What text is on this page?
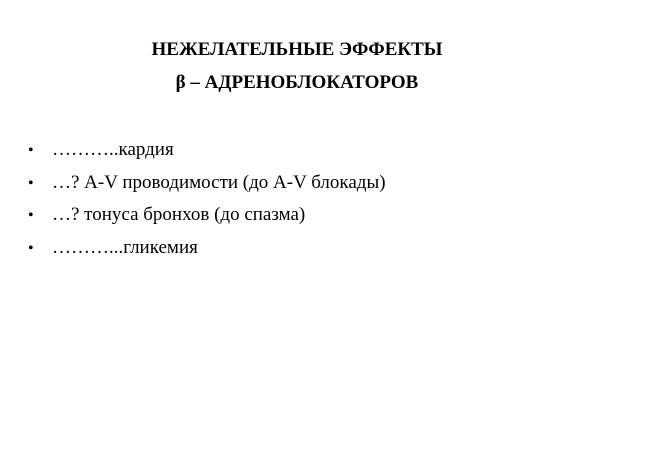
НЕЖЕЛАТЕЛЬНЫЕ ЭФФЕКТЫ
β – АДРЕНОБЛОКАТОРОВ
• ………..кардия
• …? А-V проводимости (до А-V блокады)
• …? тонуса бронхов (до спазма)
• ………...гликемия
